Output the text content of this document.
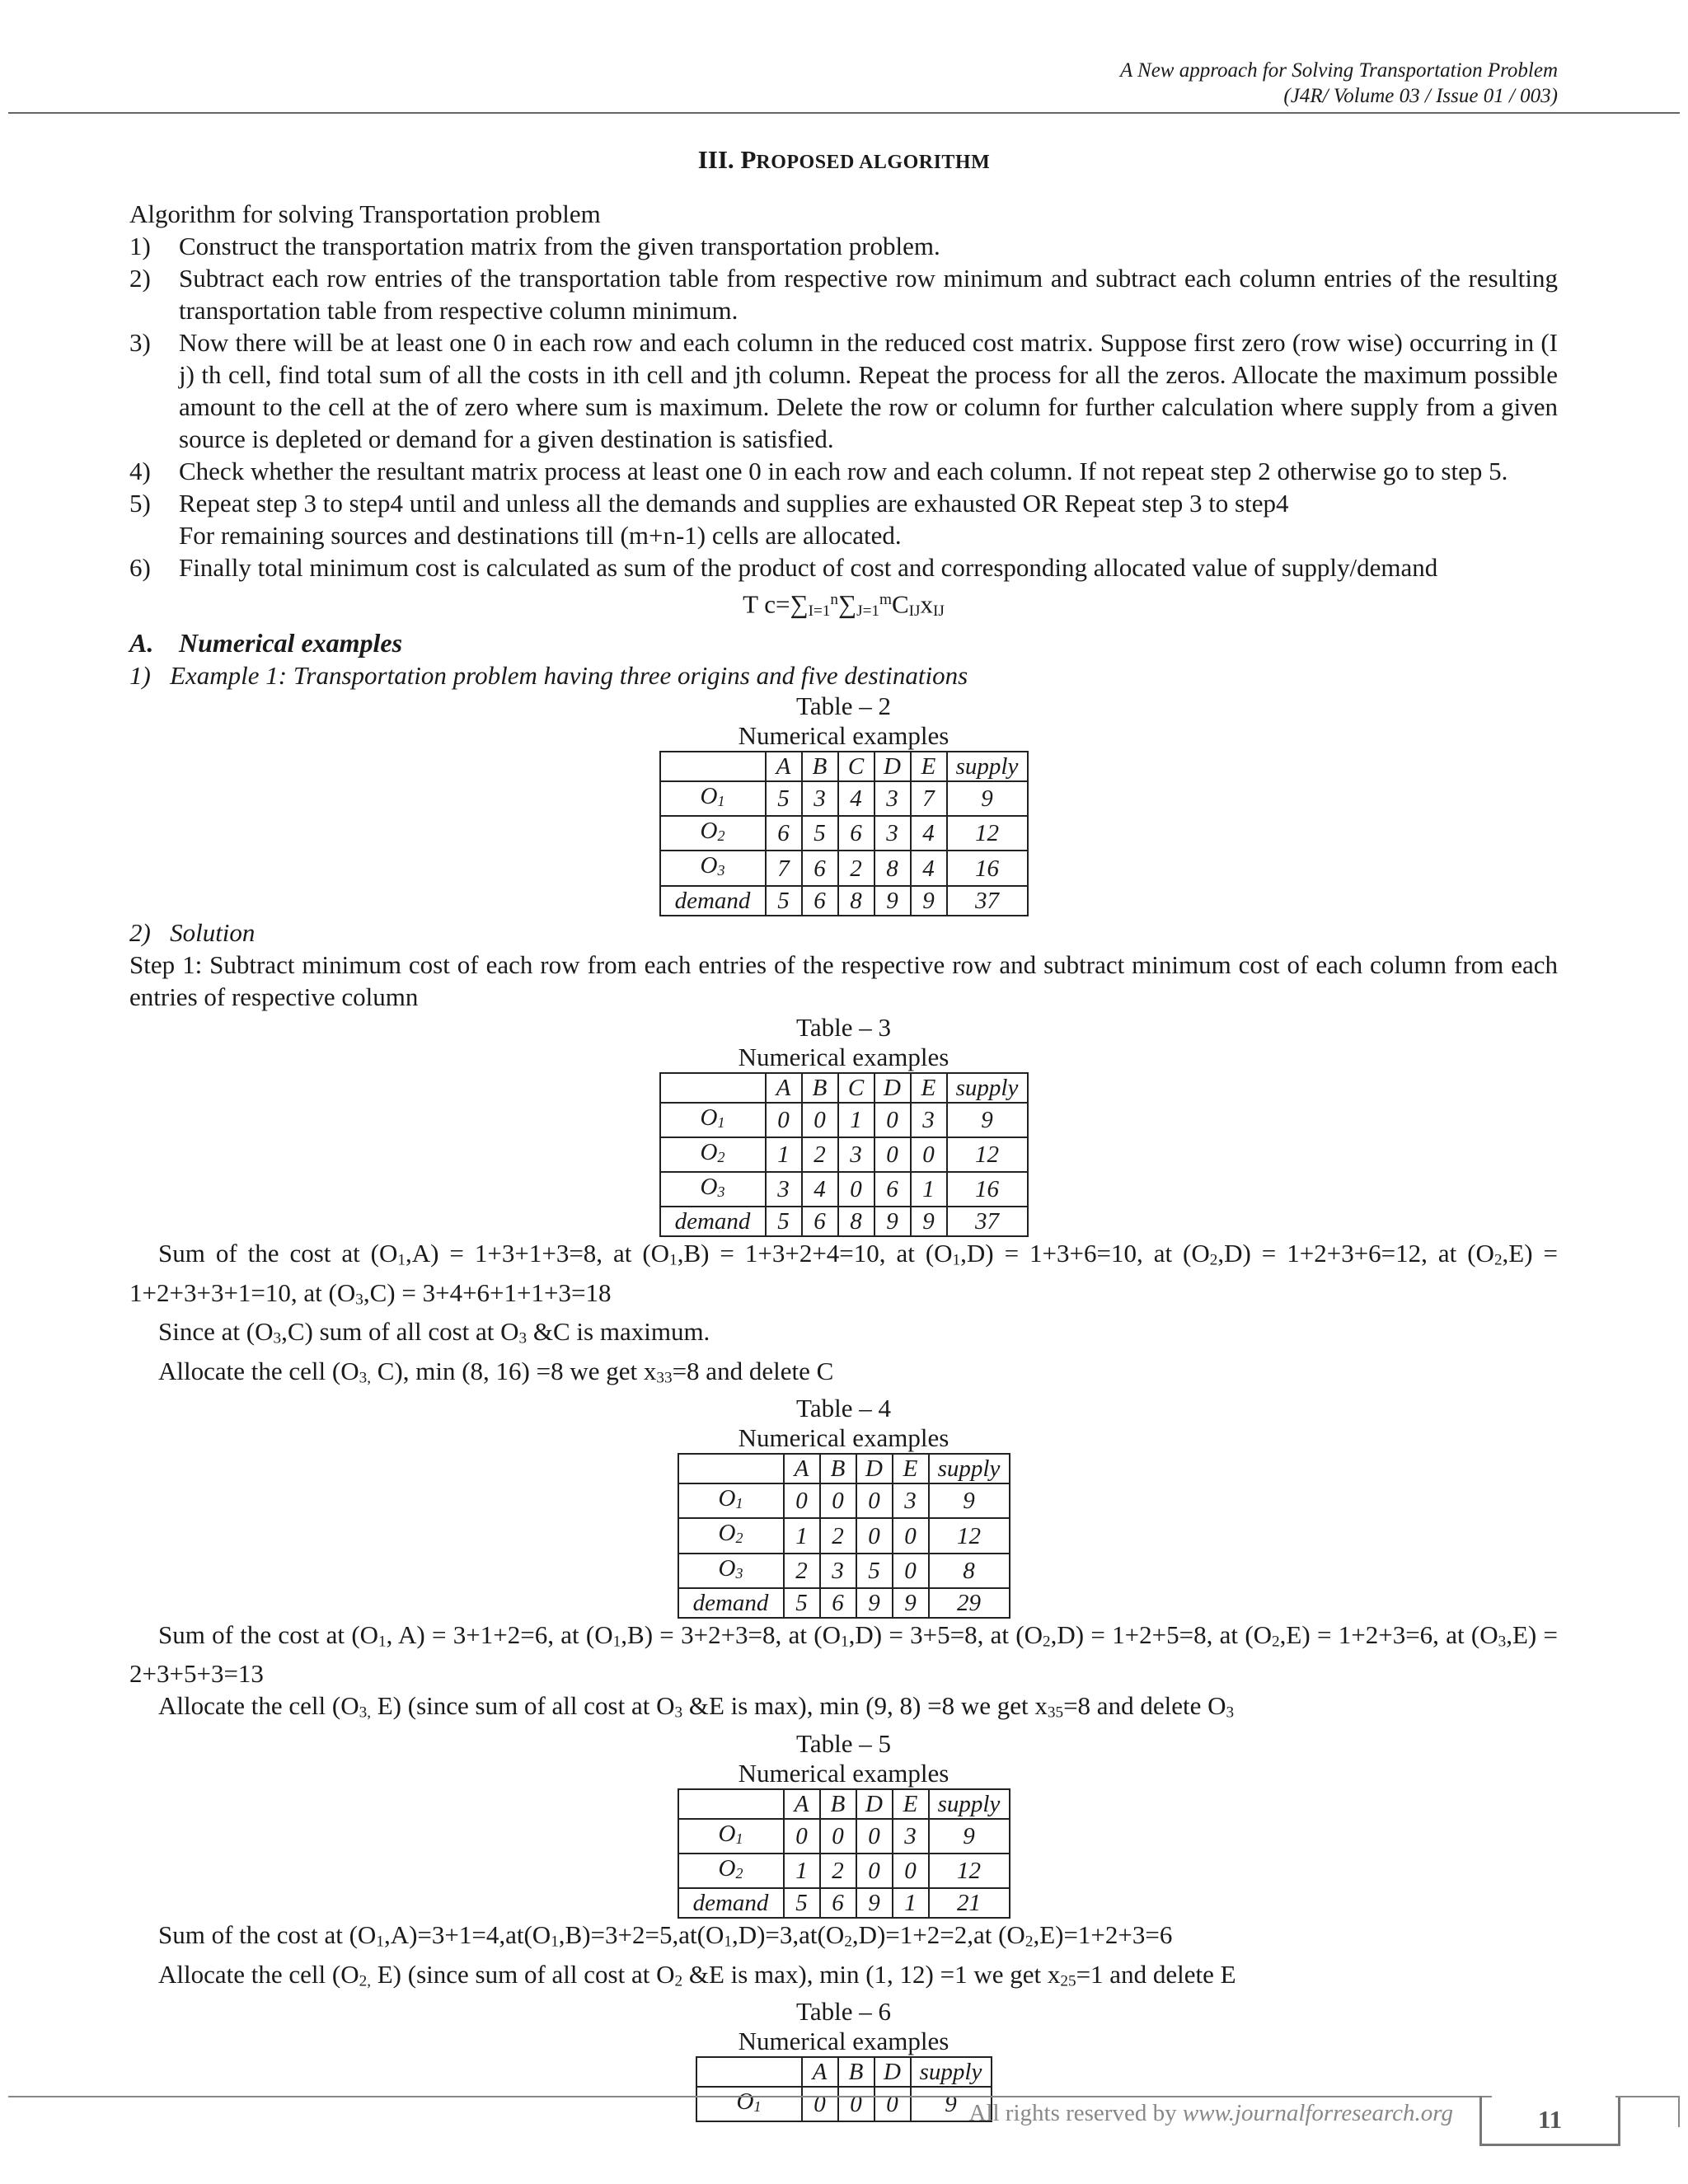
A New approach for Solving Transportation Problem
(J4R/ Volume 03 / Issue 01 / 003)
III. PROPOSED ALGORITHM

Algorithm for solving Transportation problem

1) Construct the transportation matrix from the given transportation problem.
2) Subtract each row entries of the transportation table from respective row minimum and subtract each column entries of the resulting transportation table from respective column minimum.
3) Now there will be at least one 0 in each row and each column in the reduced cost matrix. Suppose first zero (row wise) occurring in (I j) th cell, find total sum of all the costs in ith cell and jth column. Repeat the process for all the zeros. Allocate the maximum possible amount to the cell at the of zero where sum is maximum. Delete the row or column for further calculation where supply from a given source is depleted or demand for a given destination is satisfied.
4) Check whether the resultant matrix process at least one 0 in each row and each column. If not repeat step 2 otherwise go to step 5.
5) Repeat step 3 to step4 until and unless all the demands and supplies are exhausted OR Repeat step 3 to step4
For remaining sources and destinations till (m+n-1) cells are allocated.
6) Finally total minimum cost is calculated as sum of the product of cost and corresponding allocated value of supply/demand

T $c=\sum I=1^n\sum J=1^mCIJxIJ$

A. Numerical examples

1) Example 1: Transportation problem having three origins and five destinations

Table – 2

Numerical examples

	A	B	C	D	E	supply
O1	5	3	4	3	7	9
O2	6	5	6	3	4	12
O3	7	6	2	8	4	16
demand	5	6	8	9	9	37

2) Solution

Step 1: Subtract minimum cost of each row from each entries of the respective row and subtract minimum cost of each column from each entries of respective column

Table – 3

Numerical examples

	A	B	C	D	E	supply
O1	0	0	1	0	3	9
O2	1	2	3	0	0	12
O3	3	4	0	6	1	16
demand	5	6	8	9	9	37

Sum of the cost at (O1,A) = 1+3+1+3=8, at (O1,B) = 1+3+2+4=10, at (O1,D) = 1+3+6=10, at (O2,D) = 1+2+3+6=12, at (O2,E) = 1+2+3+3+1=10, at (O3,C) = 3+4+6+1+1+3=18

Since at (O3,C) sum of all cost at O3 &C is maximum.

Allocate the cell (O3, C), min (8, 16) =8 we get x33=8 and delete C

Table – 4

Numerical examples

	A	B	D	E	supply
O1	0	0	0	3	9
O2	1	2	0	0	12
O3	2	3	5	0	8
demand	5	6	9	9	29

Sum of the cost at (O1, A) = 3+1+2=6, at (O1,B) = 3+2+3=8, at (O1,D) = 3+5=8, at (O2,D) = 1+2+5=8, at (O2,E) = 1+2+3=6, at (O3,E) = 2+3+5+3=13

Allocate the cell (O3, E) (since sum of all cost at O3 &E is max), min (9, 8) =8 we get x35=8 and delete O3

Table – 5

Numerical examples

	A	B	D	E	supply
O1	0	0	0	3	9
O2	1	2	0	0	12
demand	5	6	9	1	21

Sum of the cost at (O1,A)=3+1=4,at(O1,B)=3+2=5,at(O1,D)=3,at(O2,D)=1+2=2,at (O2,E)=1+2+3=6

Allocate the cell (O2, E) (since sum of all cost at O2 &E is max), min (1, 12) =1 we get x25=1 and delete E

Table – 6

Numerical examples

	A	B	D	supply
O1	0	0	0	9 All rights reserved by www.journalforresearch.org	11
